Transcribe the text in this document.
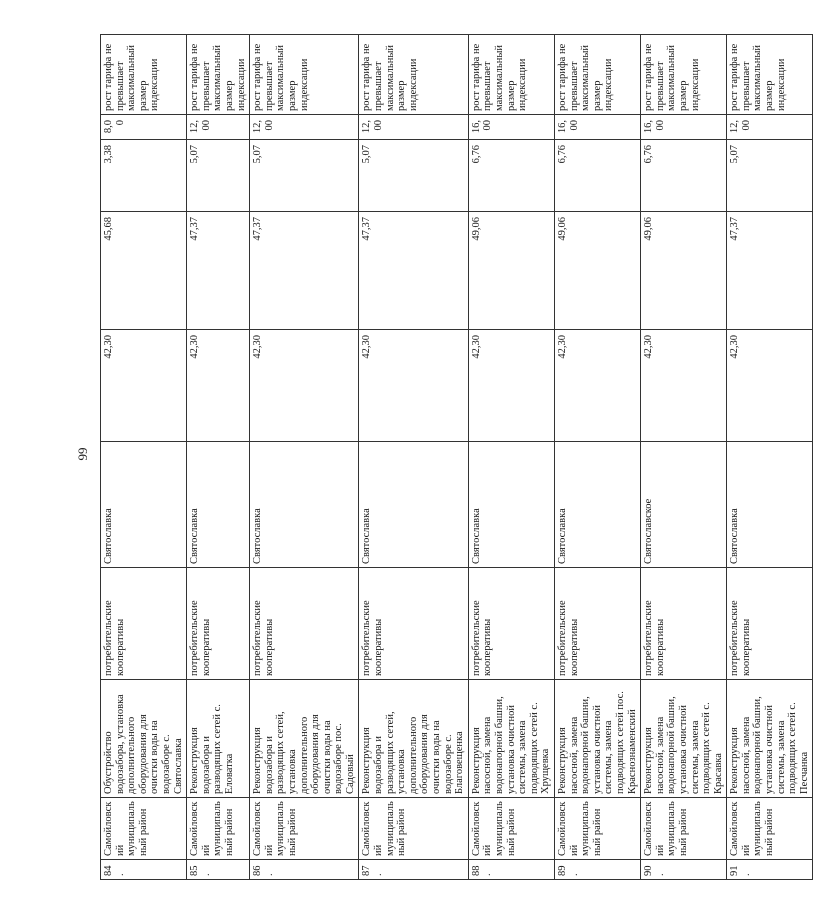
99
84.	Самойловский муниципальный район	Обустройство водозабора, установка дополнительного оборудования для очистки воды на водозаборе с. Святославка	потребительские кооперативы	Святославка	42,30	45,68	3,38	8,00	рост тарифа не превышает максимальный размер индексации
85.	Самойловский муниципальный район	Реконструкция водозабора и разводящих сетей с. Еловатка	потребительские кооперативы	Святославка	42,30	47,37	5,07	12,00	рост тарифа не превышает максимальный размер индексации
86.	Самойловский муниципальный район	Реконструкция водозабора и разводящих сетей, установка дополнительного оборудования для очистки воды на водозаборе пос. Садовый	потребительские кооперативы	Святославка	42,30	47,37	5,07	12,00	рост тарифа не превышает максимальный размер индексации
87.	Самойловский муниципальный район	Реконструкция водозабора и разводящих сетей, установка дополнительного оборудования для очистки воды на водозаборе с. Благовещенка	потребительские кооперативы	Святославка	42,30	47,37	5,07	12,00	рост тарифа не превышает максимальный размер индексации
88.	Самойловский муниципальный район	Реконструкция насосной, замена водонапорной башни, установка очистной системы, замена подводящих сетей с. Хрущевка	потребительские кооперативы	Святославка	42,30	49,06	6,76	16,00	рост тарифа не превышает максимальный размер индексации
89.	Самойловский муниципальный район	Реконструкция насосной, замена водонапорной башни, установка очистной системы, замена подводящих сетей пос. Краснознаменский	потребительские кооперативы	Святославка	42,30	49,06	6,76	16,00	рост тарифа не превышает максимальный размер индексации
90.	Самойловский муниципальный район	Реконструкция насосной, замена водонапорной башни, установка очистной системы, замена подводящих сетей с. Красавка	потребительские кооперативы	Святославское	42,30	49,06	6,76	16,00	рост тарифа не превышает максимальный размер индексации
91.	Самойловский муниципальный район	Реконструкция насосной, замена водонапорной башни, установка очистной системы, замена подводящих сетей с. Песчанка	потребительские кооперативы	Святославка	42,30	47,37	5,07	12,00	рост тарифа не превышает максимальный размер индексации
